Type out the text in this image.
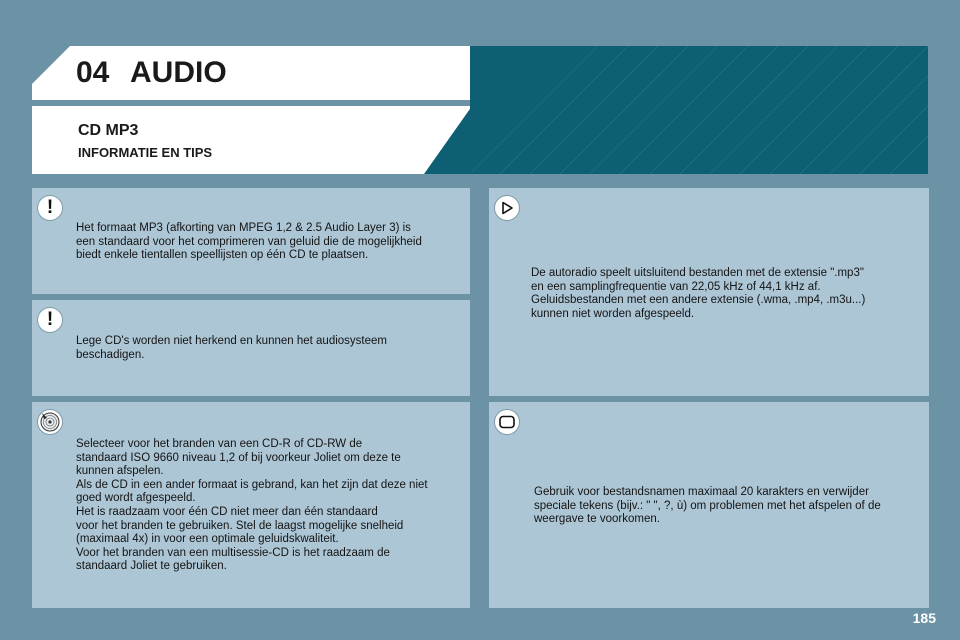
04 AUDIO
CD MP3
INFORMATIE EN TIPS
!

Het formaat MP3 (afkorting van MPEG 1,2 & 2.5 Audio Layer 3) is
een standaard voor het comprimeren van geluid die de mogelijkheid
biedt enkele tientallen speellijsten op één CD te plaatsen.

!

Lege CD's worden niet herkend en kunnen het audiosysteem
beschadigen.

Selecteer voor het branden van een CD-R of CD-RW de
standaard ISO 9660 niveau 1,2 of bij voorkeur Joliet om deze te
kunnen afspelen.
Als de CD in een ander formaat is gebrand, kan het zijn dat deze niet
goed wordt afgespeeld.
Het is raadzaam voor één CD niet meer dan één standaard
voor het branden te gebruiken. Stel de laagst mogelijke snelheid
(maximaal 4x) in voor een optimale geluidskwaliteit.
Voor het branden van een multisessie-CD is het raadzaam de
standaard Joliet te gebruiken.

De autoradio speelt uitsluitend bestanden met de extensie ".mp3"
en een samplingfrequentie van 22,05 kHz of 44,1 kHz af.
Geluidsbestanden met een andere extensie (.wma, .mp4, .m3u...)
kunnen niet worden afgespeeld.

Gebruik voor bestandsnamen maximaal 20 karakters en verwijder
speciale tekens (bijv.: " ", ?, ù) om problemen met het afspelen of de
weergave te voorkomen.

185
